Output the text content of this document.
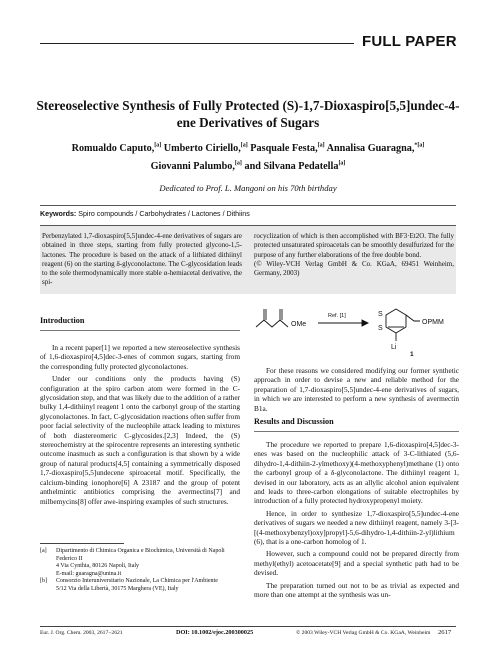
FULL PAPER
Stereoselective Synthesis of Fully Protected (S)-1,7-Dioxaspiro[5,5]undec-4-ene Derivatives of Sugars
Romualdo Caputo,[a] Umberto Ciriello,[a] Pasquale Festa,[a] Annalisa Guaragna,$^{*[a]}$
Giovanni Palumbo,[a] and Silvana Pedatella[a]
Dedicated to Prof. L. Mangoni on his 70th birthday
Keywords: Spiro compounds / Carbohydrates / Lactones / Dithiins
Perbenzylated 1,7-dioxaspiro[5,5]undec-4-ene derivatives of sugars are obtained in three steps, starting from fully protected glycono-1,5-lactones. The procedure is based on the attack of a lithiated dithiinyl reagent (6) on the starting δ-glyconolactone. The C-glycosidation leads to the sole thermodynamically more stable α-hemiacetal derivative, the spi-
rocyclization of which is then accomplished with BF3·Et2O. The fully protected unsaturated spiroacetals can be smoothly desulfurized for the purpose of any further elaborations of the free double bond.
(© Wiley-VCH Verlag GmbH & Co. KGaA, 69451 Weinheim, Germany, 2003)
Introduction

In a recent paper[1] we reported a new stereoselective synthesis of 1,6-dioxaspiro[4,5]dec-3-enes of common sugars, starting from the corresponding fully protected glyconolactones.

Under our conditions only the products having (S) configuration at the spiro carbon atom were formed in the C-glycosidation step, and that was likely due to the addition of a rather bulky 1,4-dithiinyl reagent 1 onto the carbonyl group of the starting glyconolactones. In fact, C-glycosidation reactions often suffer from poor facial selectivity of the nucleophile attack leading to mixtures of both diastereomeric C-glycosides.[2,3] Indeed, the (S) stereochemistry at the spirocentre represents an interesting synthetic outcome inasmuch as such a configuration is that shown by a wide group of natural products[4,5] containing a symmetrically disposed 1,7-dioxaspiro[5,5]undecene spiroacetal motif. Specifically, the calcium-binding ionophore[6] A 23187 and the group of potent anthelmintic antibiotics comprising the avermectins[7] and milbemycins[8] offer awe-inspiring examples of such structures.

OMe
Ref. [1]	S
S
OPMM
Li
1

For these reasons we considered modifying our former synthetic approach in order to devise a new and reliable method for the preparation of 1,7-dioxaspiro[5,5]undec-4-ene derivatives of sugars, in which we are interested to perform a new synthesis of avermectin B1a.

Results and Discussion

The procedure we reported to prepare 1,6-dioxaspiro[4,5]dec-3-enes was based on the nucleophilic attack of 3-C-lithiated (5,6-dihydro-1,4-dithiin-2-ylmethoxy)(4-methoxyphenyl)methane (1) onto the carbonyl group of a δ-glyconolactone. The dithiinyl reagent 1, devised in our laboratory, acts as an allylic alcohol anion equivalent and leads to three-carbon elongations of suitable electrophiles by introduction of a fully protected hydroxypropenyl moiety.

Hence, in order to synthesize 1,7-dioxaspiro[5,5]undec-4-ene derivatives of sugars we needed a new dithiinyl reagent, namely 3-[3-[(4-methoxybenzyl)oxy]propyl]-5,6-dihydro-1,4-dithiin-2-yl)lithium (6), that is a one-carbon homolog of 1.

However, such a compound could not be prepared directly from methyl(ethyl) acetoacetate[9] and a special synthetic path had to be devised.

The preparation turned out not to be as trivial as expected and more than one attempt at the synthesis was un-

[a] Dipartimento di Chimica Organica e Biochimica, Università di Napoli Federico II
4 Via Cynthia, 80126 Napoli, Italy
E-mail: guaragna@unina.it
[b] Consorzio Interuniversitario Nazionale, La Chimica per l'Ambiente
5/12 Via della Libertà, 30175 Marghera (VE), Italy
Eur. J. Org. Chem. 2003, 2617−2621	DOI: 10.1002/ejoc.200300025	© 2003 Wiley-VCH Verlag GmbH & Co. KGaA, Weinheim 2617
